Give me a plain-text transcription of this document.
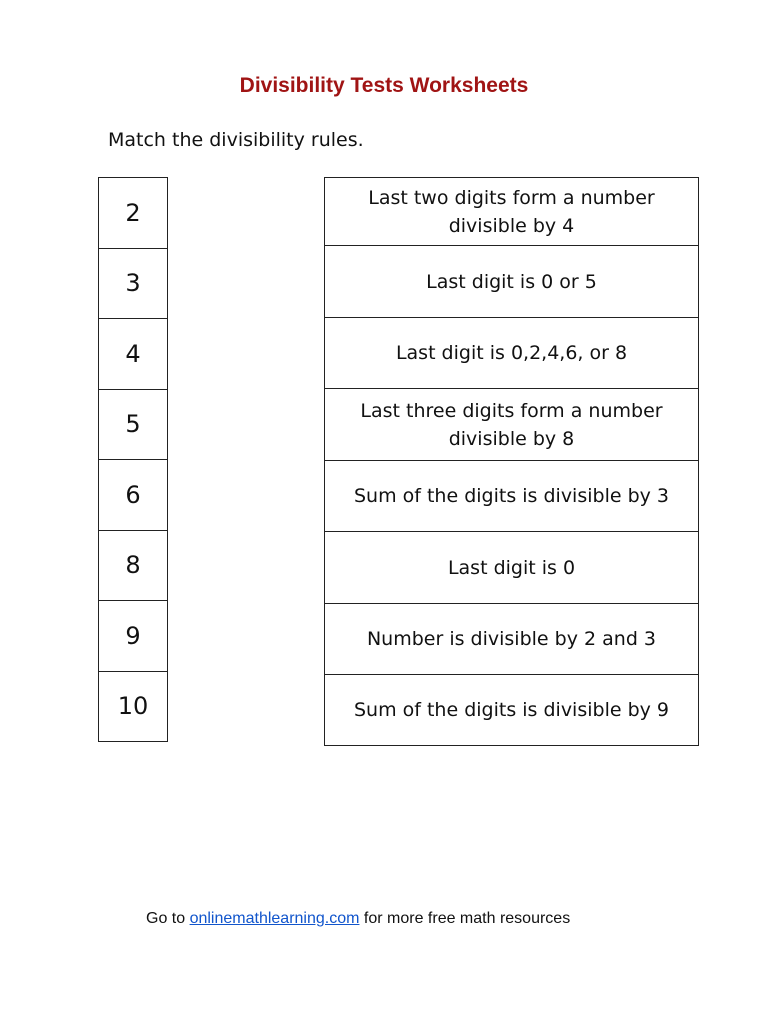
Divisibility Tests Worksheets
Match the divisibility rules.
2
3
4
5
6
8
9
10
Last two digits form a number divisible by 4
Last digit is 0 or 5
Last digit is 0,2,4,6, or 8
Last three digits form a number divisible by 8
Sum of the digits is divisible by 3
Last digit is 0
Number is divisible by 2 and 3
Sum of the digits is divisible by 9
Go to onlinemathlearning.com for more free math resources
